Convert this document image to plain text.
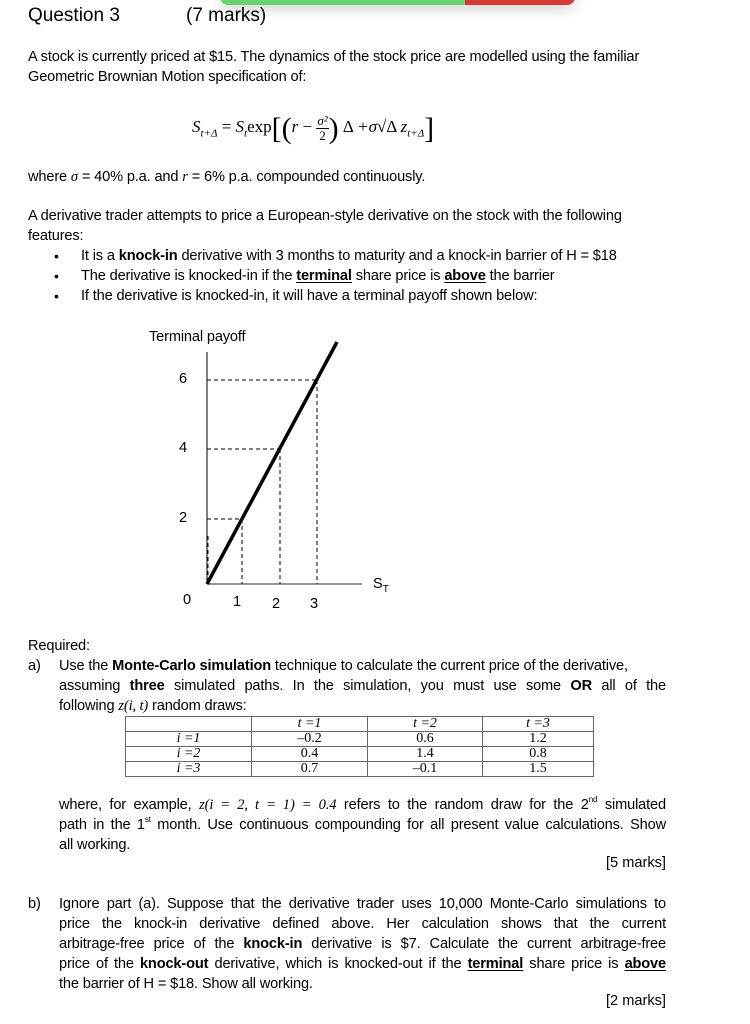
Question 3	(7 marks)
A stock is currently priced at $15. The dynamics of the stock price are modelled using the familiar
Geometric Brownian Motion specification of:
$S_{t+\Delta} = S_t\exp[(r - \frac{\text{σ²}}{2}$ ) Δ +σ√Δ $z_{t+\Delta}$]
where σ = 40% p.a. and r = 6% p.a. compounded continuously.
A derivative trader attempts to price a European-style derivative on the stock with the following
features:
• It is a knock-in derivative with 3 months to maturity and a knock-in barrier of H = $18
• The derivative is knocked-in if the terminal share price is above the barrier
• If the derivative is knocked-in, it will have a terminal payoff shown below:
Terminal payoff
6
4
2
0	1 2 3
$S_T$
Required:
a) Use the Monte-Carlo simulation technique to calculate the current price of the derivative,
assuming three simulated paths. In the simulation, you must use some OR all of the
following z(i, t) random draws:
	t =1	t =2	t =3
i =1	–0.2	0.6	1.2
i =2	0.4	1.4	0.8
i =3	0.7	–0.1	1.5
where, for example, z(i = 2, t = 1) = 0.4 refers to the random draw for the 2nd simulated
path in the 1st month. Use continuous compounding for all present value calculations. Show
all working.
[5 marks]
b) Ignore part (a). Suppose that the derivative trader uses 10,000 Monte-Carlo simulations to
price the knock-in derivative defined above. Her calculation shows that the current
arbitrage-free price of the knock-in derivative is $7. Calculate the current arbitrage-free
price of the knock-out derivative, which is knocked-out if the terminal share price is above
the barrier of H = $18. Show all working.
[2 marks]
